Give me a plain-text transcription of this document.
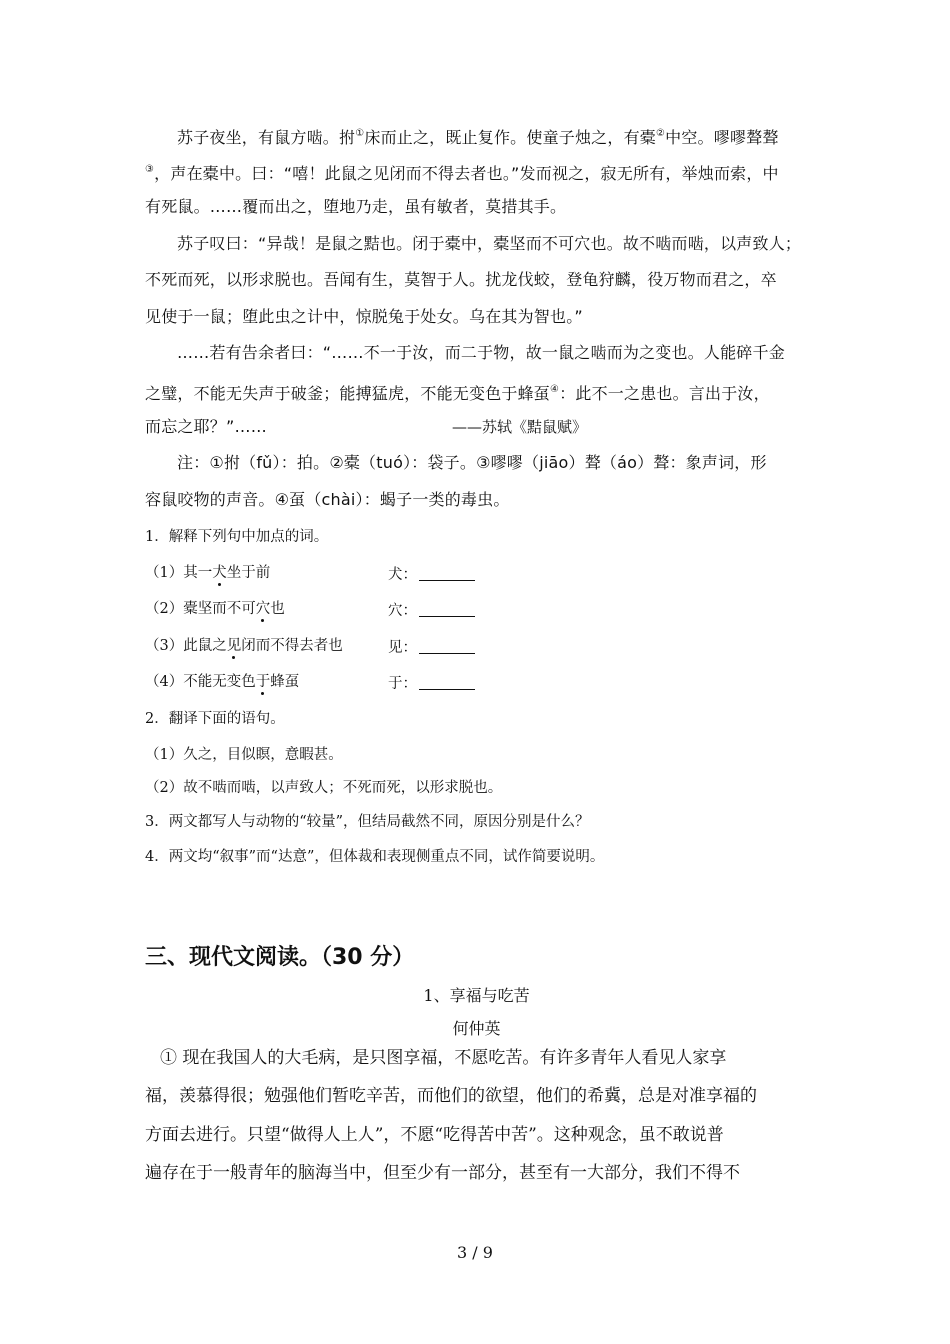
苏子夜坐，有鼠方啮。拊①床而止之，既止复作。使童子烛之，有橐②中空。嘐嘐聱聱
③，声在橐中。曰：“嘻！此鼠之见闭而不得去者也。”发而视之，寂无所有，举烛而索，中
有死鼠。……覆而出之，堕地乃走，虽有敏者，莫措其手。
苏子叹曰：“异哉！是鼠之黠也。闭于橐中，橐坚而不可穴也。故不啮而啮，以声致人；
不死而死，以形求脱也。吾闻有生，莫智于人。扰龙伐蛟，登龟狩麟，役万物而君之，卒
见使于一鼠；堕此虫之计中，惊脱兔于处女。乌在其为智也。”
……若有告余者曰：“……不一于汝，而二于物，故一鼠之啮而为之变也。人能碎千金
之璧，不能无失声于破釜；能搏猛虎，不能无变色于蜂虿④：此不一之患也。言出于汝，
而忘之耶？”……	——苏轼《黠鼠赋》
注：①拊（fǔ）：拍。②橐（tuó）：袋子。③嘐嘐（jiāo）聱（áo）聱：象声词，形
容鼠咬物的声音。④虿（chài）：蝎子一类的毒虫。
1．解释下列句中加点的词。
（1）其一犬坐于前	犬：
（2）橐坚而不可穴也	穴：
（3）此鼠之见闭而不得去者也	见：
（4）不能无变色于蜂虿	于：
2．翻译下面的语句。
（1）久之，目似瞑，意暇甚。
（2）故不啮而啮，以声致人；不死而死，以形求脱也。
3．两文都写人与动物的“较量”，但结局截然不同，原因分别是什么？
4．两文均“叙事”而“达意”，但体裁和表现侧重点不同，试作简要说明。
三、现代文阅读。（30 分）
1、享福与吃苦
何仲英
① 现在我国人的大毛病，是只图享福，不愿吃苦。有许多青年人看见人家享
福，羡慕得很；勉强他们暂吃辛苦，而他们的欲望，他们的希冀，总是对准享福的
方面去进行。只望“做得人上人”，不愿“吃得苦中苦”。这种观念，虽不敢说普
遍存在于一般青年的脑海当中，但至少有一部分，甚至有一大部分，我们不得不
3 / 9
